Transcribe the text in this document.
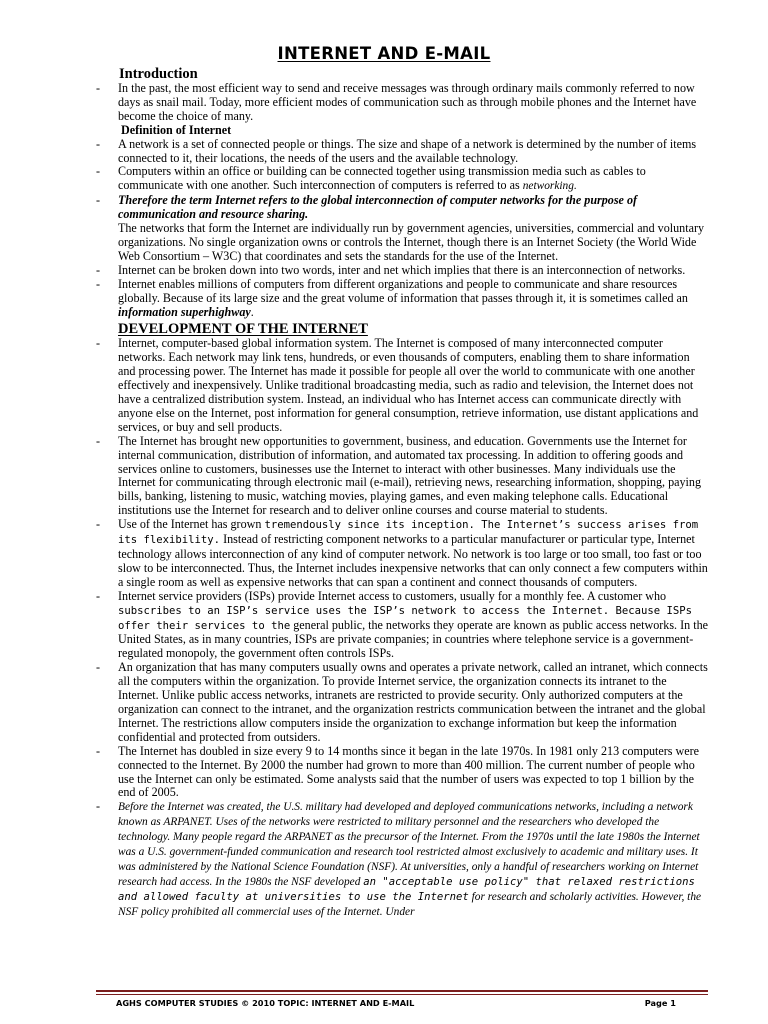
INTERNET AND E-MAIL
Introduction
- In the past, the most efficient way to send and receive messages was through ordinary mails commonly referred to now days as snail mail. Today, more efficient modes of communication such as through mobile phones and the Internet have become the choice of many.
Definition of Internet
- A network is a set of connected people or things. The size and shape of a network is determined by the number of items connected to it, their locations, the needs of the users and the available technology.
- Computers within an office or building can be connected together using transmission media such as cables to communicate with one another. Such interconnection of computers is referred to as networking.
- Therefore the term Internet refers to the global interconnection of computer networks for the purpose of communication and resource sharing.
The networks that form the Internet are individually run by government agencies, universities, commercial and voluntary organizations. No single organization owns or controls the Internet, though there is an Internet Society (the World Wide Web Consortium – W3C) that coordinates and sets the standards for the use of the Internet.
- Internet can be broken down into two words, inter and net which implies that there is an interconnection of networks.
- Internet enables millions of computers from different organizations and people to communicate and share resources globally. Because of its large size and the great volume of information that passes through it, it is sometimes called an information superhighway.
DEVELOPMENT OF THE INTERNET
- Internet, computer-based global information system. The Internet is composed of many interconnected computer networks. Each network may link tens, hundreds, or even thousands of computers, enabling them to share information and processing power. The Internet has made it possible for people all over the world to communicate with one another effectively and inexpensively. Unlike traditional broadcasting media, such as radio and television, the Internet does not have a centralized distribution system. Instead, an individual who has Internet access can communicate directly with anyone else on the Internet, post information for general consumption, retrieve information, use distant applications and services, or buy and sell products.
- The Internet has brought new opportunities to government, business, and education. Governments use the Internet for internal communication, distribution of information, and automated tax processing. In addition to offering goods and services online to customers, businesses use the Internet to interact with other businesses. Many individuals use the Internet for communicating through electronic mail (e-mail), retrieving news, researching information, shopping, paying bills, banking, listening to music, watching movies, playing games, and even making telephone calls. Educational institutions use the Internet for research and to deliver online courses and course material to students.
- Use of the Internet has grown tremendously since its inception. The Internet’s success arises from its flexibility. Instead of restricting component networks to a particular manufacturer or particular type, Internet technology allows interconnection of any kind of computer network. No network is too large or too small, too fast or too slow to be interconnected. Thus, the Internet includes inexpensive networks that can only connect a few computers within a single room as well as expensive networks that can span a continent and connect thousands of computers.
- Internet service providers (ISPs) provide Internet access to customers, usually for a monthly fee. A customer who subscribes to an ISP’s service uses the ISP’s network to access the Internet. Because ISPs offer their services to the general public, the networks they operate are known as public access networks. In the United States, as in many countries, ISPs are private companies; in countries where telephone service is a government-regulated monopoly, the government often controls ISPs.
- An organization that has many computers usually owns and operates a private network, called an intranet, which connects all the computers within the organization. To provide Internet service, the organization connects its intranet to the Internet. Unlike public access networks, intranets are restricted to provide security. Only authorized computers at the organization can connect to the intranet, and the organization restricts communication between the intranet and the global Internet. The restrictions allow computers inside the organization to exchange information but keep the information confidential and protected from outsiders.
- The Internet has doubled in size every 9 to 14 months since it began in the late 1970s. In 1981 only 213 computers were connected to the Internet. By 2000 the number had grown to more than 400 million. The current number of people who use the Internet can only be estimated. Some analysts said that the number of users was expected to top 1 billion by the end of 2005.
- Before the Internet was created, the U.S. military had developed and deployed communications networks, including a network known as ARPANET. Uses of the networks were restricted to military personnel and the researchers who developed the technology. Many people regard the ARPANET as the precursor of the Internet. From the 1970s until the late 1980s the Internet was a U.S. government-funded communication and research tool restricted almost exclusively to academic and military uses. It was administered by the National Science Foundation (NSF). At universities, only a handful of researchers working on Internet research had access. In the 1980s the NSF developed an "acceptable use policy" that relaxed restrictions and allowed faculty at universities to use the Internet for research and scholarly activities. However, the NSF policy prohibited all commercial uses of the Internet. Under
AGHS COMPUTER STUDIES © 2010 TOPIC: INTERNET AND E-MAIL	Page 1
